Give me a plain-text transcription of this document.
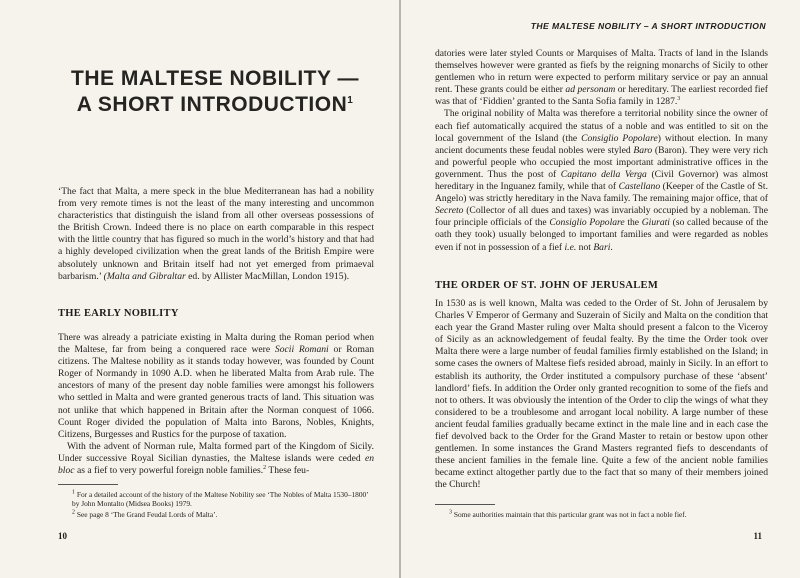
THE MALTESE NOBILITY —
A SHORT INTRODUCTION$^1$

‘The fact that Malta, a mere speck in the blue Mediterranean has had a nobility from very remote times is not the least of the many interesting and uncommon characteristics that distinguish the island from all other overseas possessions of the British Crown. Indeed there is no place on earth comparable in this respect with the little country that has figured so much in the world’s history and that had a highly developed civilization when the great lands of the British Empire were absolutely unknown and Britain itself had not yet emerged from primaeval barbarism.’ (Malta and Gibraltar ed. by Allister MacMillan, London 1915).

THE EARLY NOBILITY

There was already a patriciate existing in Malta during the Roman period when the Maltese, far from being a conquered race were Socii Romani or Roman citizens. The Maltese nobility as it stands today however, was founded by Count Roger of Normandy in 1090 A.D. when he liberated Malta from Arab rule. The ancestors of many of the present day noble families were amongst his followers who settled in Malta and were granted generous tracts of land. This situation was not unlike that which happened in Britain after the Norman conquest of 1066. Count Roger divided the population of Malta into Barons, Nobles, Knights, Citizens, Burgesses and Rustics for the purpose of taxation.

With the advent of Norman rule, Malta formed part of the Kingdom of Sicily. Under successive Royal Sicilian dynasties, the Maltese islands were ceded en bloc as a fief to very powerful foreign noble families.$^2$ These feu-

$^1$ For a detailed account of the history of the Maltese Nobility see ‘The Nobles of Malta 1530–1800’ by John Montalto (Midsea Books) 1979.
$^2$ See page 8 ‘The Grand Feudal Lords of Malta’.
10
THE MALTESE NOBILITY – A SHORT INTRODUCTION

datories were later styled Counts or Marquises of Malta. Tracts of land in the Islands themselves however were granted as fiefs by the reigning monarchs of Sicily to other gentlemen who in return were expected to perform military service or pay an annual rent. These grants could be either ad personam or hereditary. The earliest recorded fief was that of ‘Fiddien’ granted to the Santa Sofia family in 1287.$^3$

The original nobility of Malta was therefore a territorial nobility since the owner of each fief automatically acquired the status of a noble and was entitled to sit on the local government of the Island (the Consiglio Popolare) without election. In many ancient documents these feudal nobles were styled Baro (Baron). They were very rich and powerful people who occupied the most important administrative offices in the government. Thus the post of Capitano della Verga (Civil Governor) was almost hereditary in the Inguanez family, while that of Castellano (Keeper of the Castle of St. Angelo) was strictly hereditary in the Nava family. The remaining major office, that of Secreto (Collector of all dues and taxes) was invariably occupied by a nobleman. The four principle officials of the Consiglio Popolare the Giurati (so called because of the oath they took) usually belonged to important families and were regarded as nobles even if not in possession of a fief i.e. not Bari.

THE ORDER OF ST. JOHN OF JERUSALEM

In 1530 as is well known, Malta was ceded to the Order of St. John of Jerusalem by Charles V Emperor of Germany and Suzerain of Sicily and Malta on the condition that each year the Grand Master ruling over Malta should present a falcon to the Viceroy of Sicily as an acknowledgement of feudal fealty. By the time the Order took over Malta there were a large number of feudal families firmly established on the Island; in some cases the owners of Maltese fiefs resided abroad, mainly in Sicily. In an effort to establish its authority, the Order instituted a compulsory purchase of these ‘absent’ landlord’ fiefs. In addition the Order only granted recognition to some of the fiefs and not to others. It was obviously the intention of the Order to clip the wings of what they considered to be a troublesome and arrogant local nobility. A large number of these ancient feudal families gradually became extinct in the male line and in each case the fief devolved back to the Order for the Grand Master to retain or bestow upon other gentlemen. In some instances the Grand Masters regranted fiefs to descendants of these ancient families in the female line. Quite a few of the ancient noble families became extinct altogether partly due to the fact that so many of their members joined the Church!

$^3$ Some authorities maintain that this particular grant was not in fact a noble fief.
11
